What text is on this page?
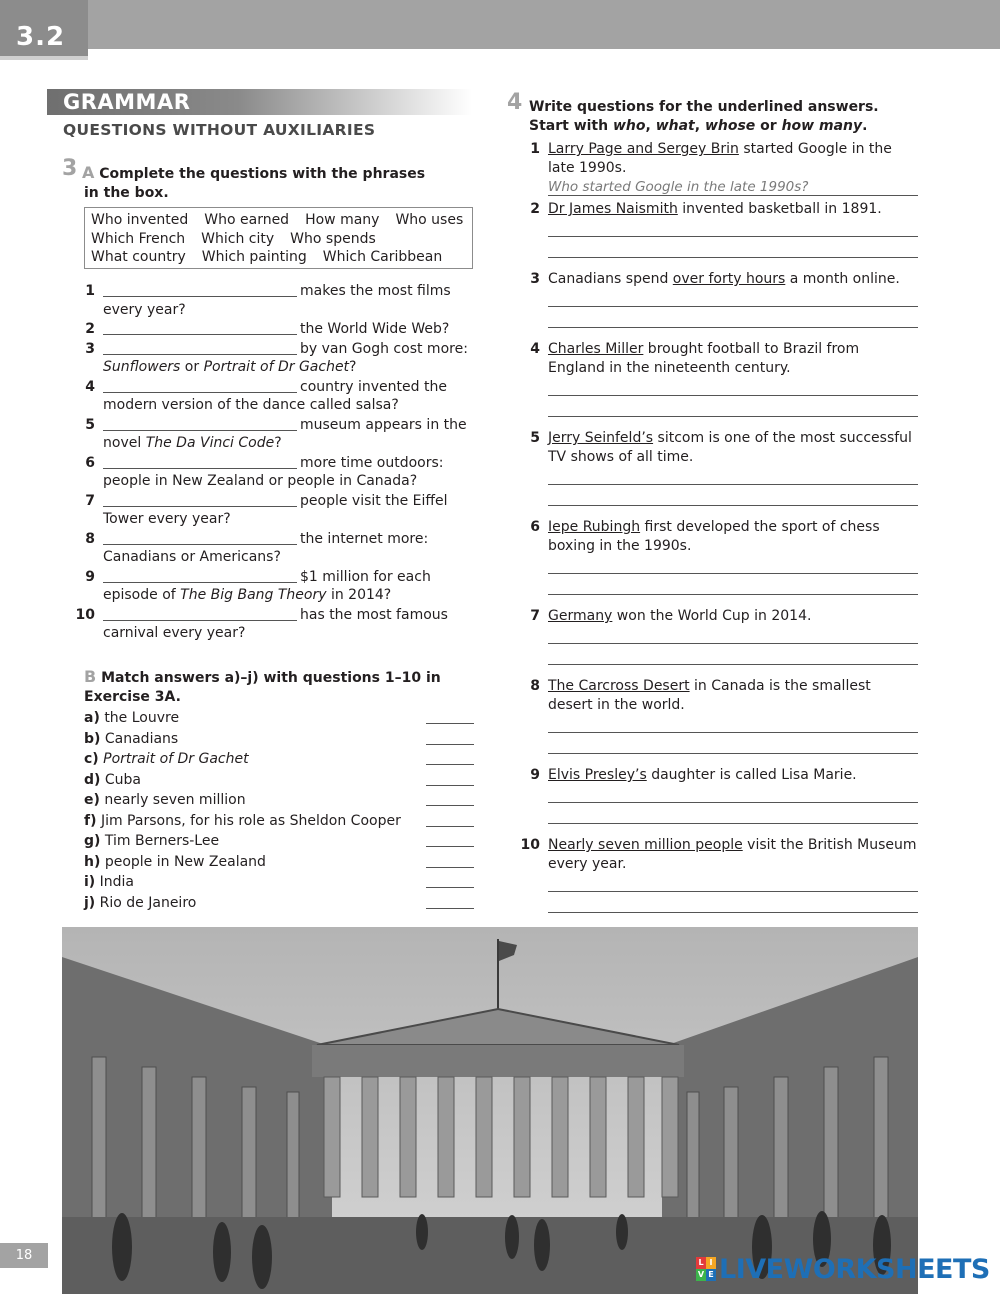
3.2
GRAMMAR
QUESTIONS WITHOUT AUXILIARIES
3 A Complete the questions with the phrases in the box.
Who invented Who earned How many Who uses
Which French Which city Who spends
What country Which painting Which Caribbean
1	makes the most films every year?
2	the World Wide Web?
3	by van Gogh cost more: Sunflowers or Portrait of Dr Gachet?
4	country invented the modern version of the dance called salsa?
5	museum appears in the novel The Da Vinci Code?
6	more time outdoors: people in New Zealand or people in Canada?
7	people visit the Eiffel Tower every year?
8	the internet more: Canadians or Americans?
9	$1 million for each episode of The Big Bang Theory in 2014?
10	has the most famous carnival every year?
B Match answers a)–j) with questions 1–10 in Exercise 3A.
a) the Louvre
b) Canadians
c) Portrait of Dr Gachet
d) Cuba
e) nearly seven million
f) Jim Parsons, for his role as Sheldon Cooper
g) Tim Berners-Lee
h) people in New Zealand
i) India
j) Rio de Janeiro
4 Write questions for the underlined answers. Start with who, what, whose or how many.
1 Larry Page and Sergey Brin started Google in the late 1990s.
Who started Google in the late 1990s?
2 Dr James Naismith invented basketball in 1891.
3 Canadians spend over forty hours a month online.
4 Charles Miller brought football to Brazil from England in the nineteenth century.
5 Jerry Seinfeld’s sitcom is one of the most successful TV shows of all time.
6 Iepe Rubingh first developed the sport of chess boxing in the 1990s.
7 Germany won the World Cup in 2014.
8 The Carcross Desert in Canada is the smallest desert in the world.
9 Elvis Presley’s daughter is called Lisa Marie.
10 Nearly seven million people visit the British Museum every year.
18	L I
V E LIVEWORKSHEETS
